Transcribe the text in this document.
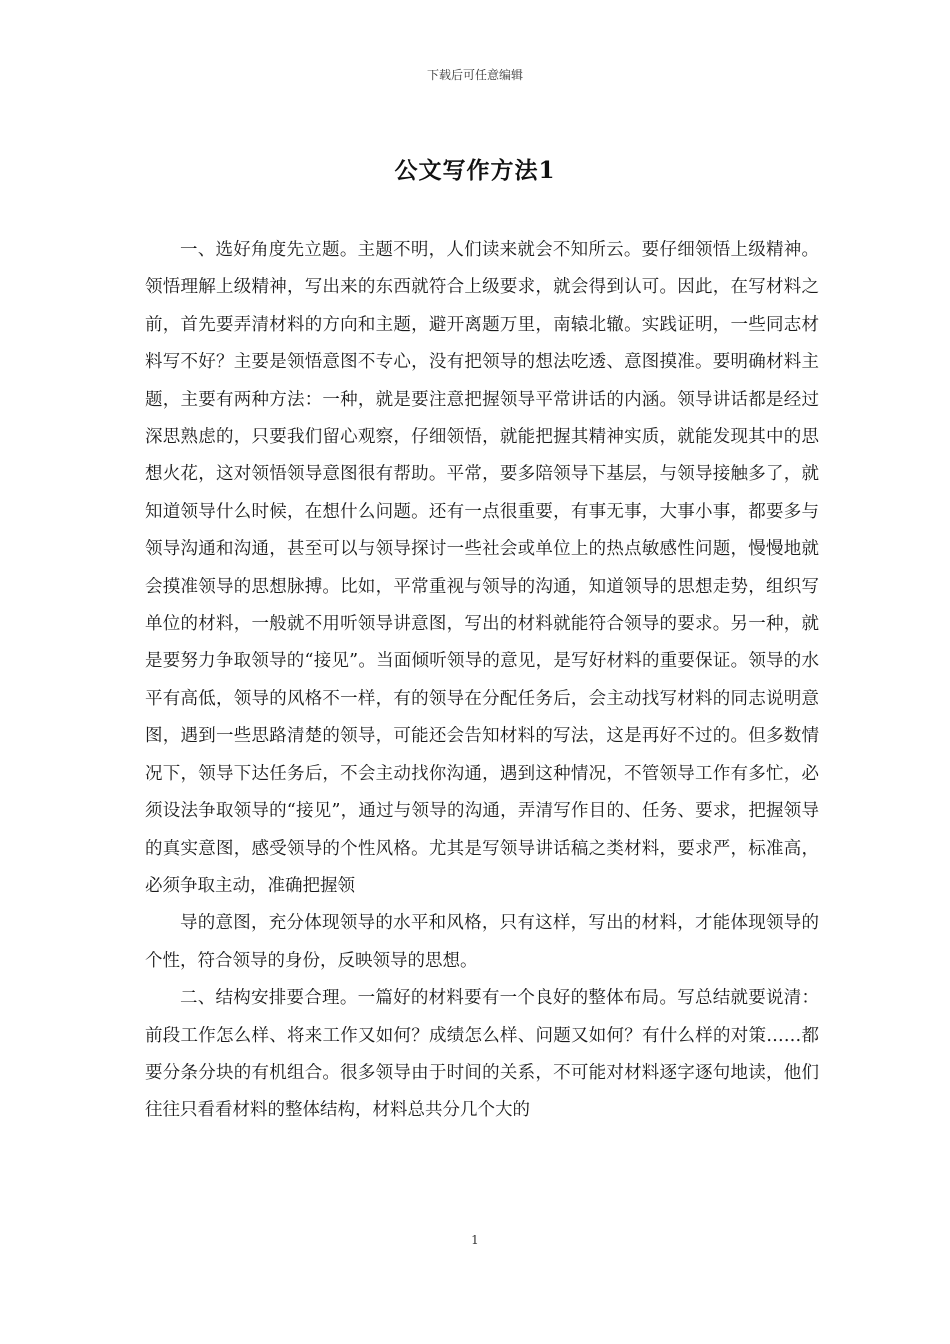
下载后可任意编辑
公文写作方法1

一、选好角度先立题。主题不明，人们读来就会不知所云。要仔细领悟上级精神。领悟理解上级精神，写出来的东西就符合上级要求，就会得到认可。因此，在写材料之前，首先要弄清材料的方向和主题，避开离题万里，南辕北辙。实践证明，一些同志材料写不好？主要是领悟意图不专心，没有把领导的想法吃透、意图摸准。要明确材料主题，主要有两种方法：一种，就是要注意把握领导平常讲话的内涵。领导讲话都是经过深思熟虑的，只要我们留心观察，仔细领悟，就能把握其精神实质，就能发现其中的思想火花，这对领悟领导意图很有帮助。平常，要多陪领导下基层，与领导接触多了，就知道领导什么时候，在想什么问题。还有一点很重要，有事无事，大事小事，都要多与领导沟通和沟通，甚至可以与领导探讨一些社会或单位上的热点敏感性问题，慢慢地就会摸准领导的思想脉搏。比如，平常重视与领导的沟通，知道领导的思想走势，组织写单位的材料，一般就不用听领导讲意图，写出的材料就能符合领导的要求。另一种，就是要努力争取领导的“接见”。当面倾听领导的意见，是写好材料的重要保证。领导的水平有高低，领导的风格不一样，有的领导在分配任务后，会主动找写材料的同志说明意图，遇到一些思路清楚的领导，可能还会告知材料的写法，这是再好不过的。但多数情况下，领导下达任务后，不会主动找你沟通，遇到这种情况，不管领导工作有多忙，必须设法争取领导的“接见”，通过与领导的沟通，弄清写作目的、任务、要求，把握领导的真实意图，感受领导的个性风格。尤其是写领导讲话稿之类材料，要求严，标准高，必须争取主动，准确把握领

导的意图，充分体现领导的水平和风格，只有这样，写出的材料，才能体现领导的个性，符合领导的身份，反映领导的思想。

二、结构安排要合理。一篇好的材料要有一个良好的整体布局。写总结就要说清：前段工作怎么样、将来工作又如何？成绩怎么样、问题又如何？有什么样的对策……都要分条分块的有机组合。很多领导由于时间的关系，不可能对材料逐字逐句地读，他们往往只看看材料的整体结构，材料总共分几个大的

1
